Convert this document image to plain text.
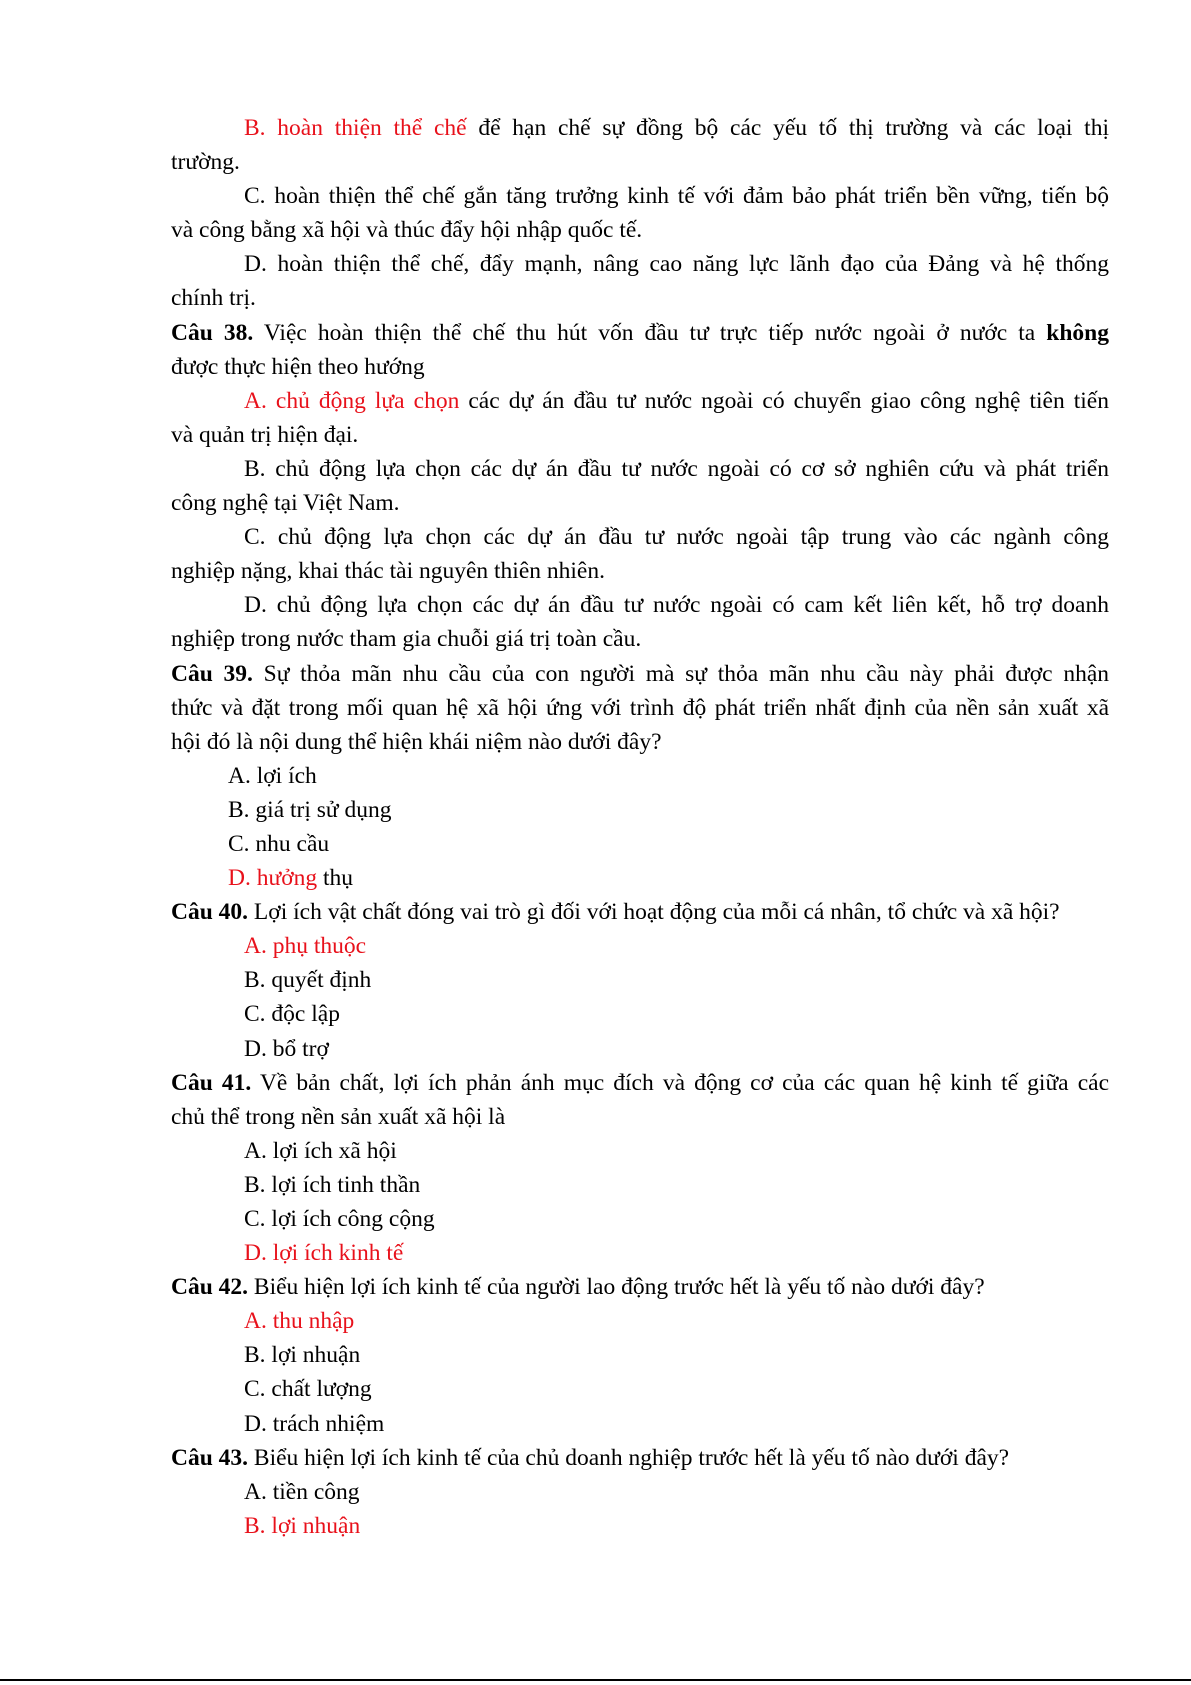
B. hoàn thiện thể chế để hạn chế sự đồng bộ các yếu tố thị trường và các loại thị

trường.

C. hoàn thiện thể chế gắn tăng trưởng kinh tế với đảm bảo phát triển bền vững, tiến bộ

và công bằng xã hội và thúc đẩy hội nhập quốc tế.

D. hoàn thiện thể chế, đẩy mạnh, nâng cao năng lực lãnh đạo của Đảng và hệ thống

chính trị.

Câu 38. Việc hoàn thiện thể chế thu hút vốn đầu tư trực tiếp nước ngoài ở nước ta không

được thực hiện theo hướng

A. chủ động lựa chọn các dự án đầu tư nước ngoài có chuyển giao công nghệ tiên tiến

và quản trị hiện đại.

B. chủ động lựa chọn các dự án đầu tư nước ngoài có cơ sở nghiên cứu và phát triển

công nghệ tại Việt Nam.

C. chủ động lựa chọn các dự án đầu tư nước ngoài tập trung vào các ngành công

nghiệp nặng, khai thác tài nguyên thiên nhiên.

D. chủ động lựa chọn các dự án đầu tư nước ngoài có cam kết liên kết, hỗ trợ doanh

nghiệp trong nước tham gia chuỗi giá trị toàn cầu.

Câu 39. Sự thỏa mãn nhu cầu của con người mà sự thỏa mãn nhu cầu này phải được nhận

thức và đặt trong mối quan hệ xã hội ứng với trình độ phát triển nhất định của nền sản xuất xã

hội đó là nội dung thể hiện khái niệm nào dưới đây?

A. lợi ích

B. giá trị sử dụng

C. nhu cầu

D. hưởng thụ

Câu 40. Lợi ích vật chất đóng vai trò gì đối với hoạt động của mỗi cá nhân, tổ chức và xã hội?

A. phụ thuộc

B. quyết định

C. độc lập

D. bổ trợ

Câu 41. Về bản chất, lợi ích phản ánh mục đích và động cơ của các quan hệ kinh tế giữa các

chủ thể trong nền sản xuất xã hội là

A. lợi ích xã hội

B. lợi ích tinh thần

C. lợi ích công cộng

D. lợi ích kinh tế

Câu 42. Biểu hiện lợi ích kinh tế của người lao động trước hết là yếu tố nào dưới đây?

A. thu nhập

B. lợi nhuận

C. chất lượng

D. trách nhiệm

Câu 43. Biểu hiện lợi ích kinh tế của chủ doanh nghiệp trước hết là yếu tố nào dưới đây?

A. tiền công

B. lợi nhuận
